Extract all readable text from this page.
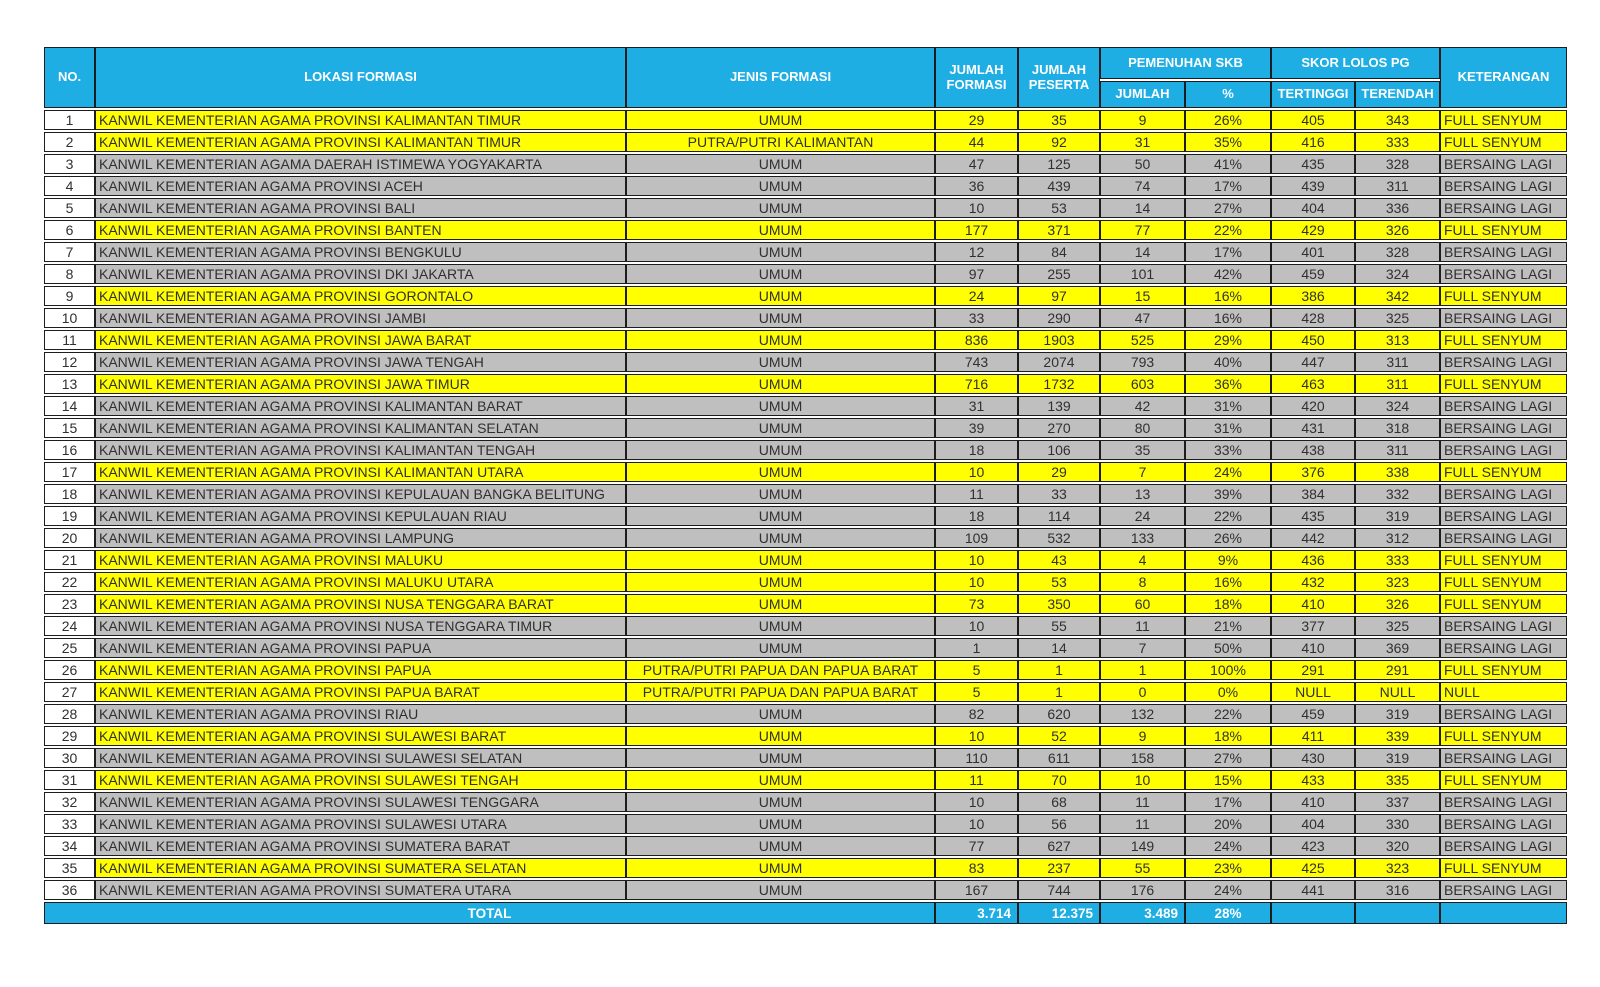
NO.	LOKASI FORMASI	JENIS FORMASI	JUMLAH FORMASI	JUMLAH PESERTA	PEMENUHAN SKB		SKOR LOLOS PG		KETERANGAN
					JUMLAH	%	TERTINGGI	TERENDAH	
1	KANWIL KEMENTERIAN AGAMA PROVINSI KALIMANTAN TIMUR	UMUM	29	35	9	26%	405	343	FULL SENYUM
2	KANWIL KEMENTERIAN AGAMA PROVINSI KALIMANTAN TIMUR	PUTRA/PUTRI KALIMANTAN	44	92	31	35%	416	333	FULL SENYUM
3	KANWIL KEMENTERIAN AGAMA DAERAH ISTIMEWA YOGYAKARTA	UMUM	47	125	50	41%	435	328	BERSAING LAGI
4	KANWIL KEMENTERIAN AGAMA PROVINSI ACEH	UMUM	36	439	74	17%	439	311	BERSAING LAGI
5	KANWIL KEMENTERIAN AGAMA PROVINSI BALI	UMUM	10	53	14	27%	404	336	BERSAING LAGI
6	KANWIL KEMENTERIAN AGAMA PROVINSI BANTEN	UMUM	177	371	77	22%	429	326	FULL SENYUM
7	KANWIL KEMENTERIAN AGAMA PROVINSI BENGKULU	UMUM	12	84	14	17%	401	328	BERSAING LAGI
8	KANWIL KEMENTERIAN AGAMA PROVINSI DKI JAKARTA	UMUM	97	255	101	42%	459	324	BERSAING LAGI
9	KANWIL KEMENTERIAN AGAMA PROVINSI GORONTALO	UMUM	24	97	15	16%	386	342	FULL SENYUM
10	KANWIL KEMENTERIAN AGAMA PROVINSI JAMBI	UMUM	33	290	47	16%	428	325	BERSAING LAGI
11	KANWIL KEMENTERIAN AGAMA PROVINSI JAWA BARAT	UMUM	836	1903	525	29%	450	313	FULL SENYUM
12	KANWIL KEMENTERIAN AGAMA PROVINSI JAWA TENGAH	UMUM	743	2074	793	40%	447	311	BERSAING LAGI
13	KANWIL KEMENTERIAN AGAMA PROVINSI JAWA TIMUR	UMUM	716	1732	603	36%	463	311	FULL SENYUM
14	KANWIL KEMENTERIAN AGAMA PROVINSI KALIMANTAN BARAT	UMUM	31	139	42	31%	420	324	BERSAING LAGI
15	KANWIL KEMENTERIAN AGAMA PROVINSI KALIMANTAN SELATAN	UMUM	39	270	80	31%	431	318	BERSAING LAGI
16	KANWIL KEMENTERIAN AGAMA PROVINSI KALIMANTAN TENGAH	UMUM	18	106	35	33%	438	311	BERSAING LAGI
17	KANWIL KEMENTERIAN AGAMA PROVINSI KALIMANTAN UTARA	UMUM	10	29	7	24%	376	338	FULL SENYUM
18	KANWIL KEMENTERIAN AGAMA PROVINSI KEPULAUAN BANGKA BELITUNG	UMUM	11	33	13	39%	384	332	BERSAING LAGI
19	KANWIL KEMENTERIAN AGAMA PROVINSI KEPULAUAN RIAU	UMUM	18	114	24	22%	435	319	BERSAING LAGI
20	KANWIL KEMENTERIAN AGAMA PROVINSI LAMPUNG	UMUM	109	532	133	26%	442	312	BERSAING LAGI
21	KANWIL KEMENTERIAN AGAMA PROVINSI MALUKU	UMUM	10	43	4	9%	436	333	FULL SENYUM
22	KANWIL KEMENTERIAN AGAMA PROVINSI MALUKU UTARA	UMUM	10	53	8	16%	432	323	FULL SENYUM
23	KANWIL KEMENTERIAN AGAMA PROVINSI NUSA TENGGARA BARAT	UMUM	73	350	60	18%	410	326	FULL SENYUM
24	KANWIL KEMENTERIAN AGAMA PROVINSI NUSA TENGGARA TIMUR	UMUM	10	55	11	21%	377	325	BERSAING LAGI
25	KANWIL KEMENTERIAN AGAMA PROVINSI PAPUA	UMUM	1	14	7	50%	410	369	BERSAING LAGI
26	KANWIL KEMENTERIAN AGAMA PROVINSI PAPUA	PUTRA/PUTRI PAPUA DAN PAPUA BARAT	5	1	1	100%	291	291	FULL SENYUM
27	KANWIL KEMENTERIAN AGAMA PROVINSI PAPUA BARAT	PUTRA/PUTRI PAPUA DAN PAPUA BARAT	5	1	0	0%	NULL	NULL	NULL
28	KANWIL KEMENTERIAN AGAMA PROVINSI RIAU	UMUM	82	620	132	22%	459	319	BERSAING LAGI
29	KANWIL KEMENTERIAN AGAMA PROVINSI SULAWESI BARAT	UMUM	10	52	9	18%	411	339	FULL SENYUM
30	KANWIL KEMENTERIAN AGAMA PROVINSI SULAWESI SELATAN	UMUM	110	611	158	27%	430	319	BERSAING LAGI
31	KANWIL KEMENTERIAN AGAMA PROVINSI SULAWESI TENGAH	UMUM	11	70	10	15%	433	335	FULL SENYUM
32	KANWIL KEMENTERIAN AGAMA PROVINSI SULAWESI TENGGARA	UMUM	10	68	11	17%	410	337	BERSAING LAGI
33	KANWIL KEMENTERIAN AGAMA PROVINSI SULAWESI UTARA	UMUM	10	56	11	20%	404	330	BERSAING LAGI
34	KANWIL KEMENTERIAN AGAMA PROVINSI SUMATERA BARAT	UMUM	77	627	149	24%	423	320	BERSAING LAGI
35	KANWIL KEMENTERIAN AGAMA PROVINSI SUMATERA SELATAN	UMUM	83	237	55	23%	425	323	FULL SENYUM
36	KANWIL KEMENTERIAN AGAMA PROVINSI SUMATERA UTARA	UMUM	167	744	176	24%	441	316	BERSAING LAGI
TOTAL			3.714	12.375	3.489	28%			
